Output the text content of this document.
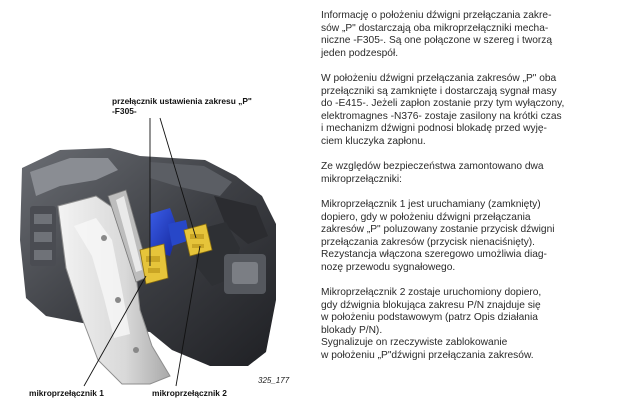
przełącznik ustawienia zakresu „P"
-F305-
mikroprzełącznik 1	mikroprzełącznik 2
325_177

Informację o położeniu dźwigni przełączania zakre-
sów „P" dostarczają oba mikroprzełączniki mecha-
niczne -F305-. Są one połączone w szereg i tworzą
jeden podzespół.

W położeniu dźwigni przełączania zakresów „P" oba
przełączniki są zamknięte i dostarczają sygnał masy
do -E415-. Jeżeli zapłon zostanie przy tym wyłączony,
elektromagnes -N376- zostaje zasilony na krótki czas
i mechanizm dźwigni podnosi blokadę przed wyję-
ciem kluczyka zapłonu.

Ze względów bezpieczeństwa zamontowano dwa
mikroprzełączniki:

Mikroprzełącznik 1 jest uruchamiany (zamknięty)
dopiero, gdy w położeniu dźwigni przełączania
zakresów „P" poluzowany zostanie przycisk dźwigni
przełączania zakresów (przycisk nienaciśnięty).
Rezystancja włączona szeregowo umożliwia diag-
nozę przewodu sygnałowego.

Mikroprzełącznik 2 zostaje uruchomiony dopiero,
gdy dźwignia blokująca zakresu P/N znajduje się
w położeniu podstawowym (patrz Opis działania
blokady P/N).
Sygnalizuje on rzeczywiste zablokowanie
w położeniu „P"dźwigni przełączania zakresów.
